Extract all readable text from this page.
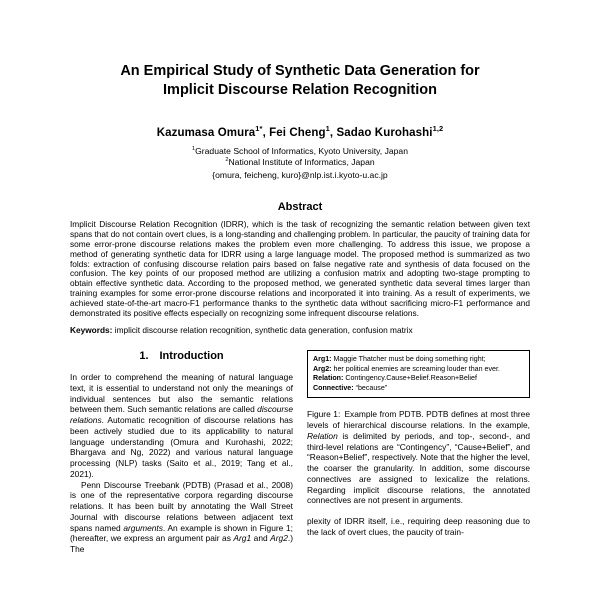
An Empirical Study of Synthetic Data Generation for
Implicit Discourse Relation Recognition
Kazumasa Omura$^{1*}$, Fei Cheng$^1$, Sadao Kurohashi$^{1,2}$
$^1$Graduate School of Informatics, Kyoto University, Japan
$^2$National Institute of Informatics, Japan
{omura, feicheng, kuro}@nlp.ist.i.kyoto-u.ac.jp
Abstract

Implicit Discourse Relation Recognition (IDRR), which is the task of recognizing the semantic relation between given text spans that do not contain overt clues, is a long-standing and challenging problem. In particular, the paucity of training data for some error-prone discourse relations makes the problem even more challenging. To address this issue, we propose a method of generating synthetic data for IDRR using a large language model. The proposed method is summarized as two folds: extraction of confusing discourse relation pairs based on false negative rate and synthesis of data focused on the confusion. The key points of our proposed method are utilizing a confusion matrix and adopting two-stage prompting to obtain effective synthetic data. According to the proposed method, we generated synthetic data several times larger than training examples for some error-prone discourse relations and incorporated it into training. As a result of experiments, we achieved state-of-the-art macro-F1 performance thanks to the synthetic data without sacrificing micro-F1 performance and demonstrated its positive effects especially on recognizing some infrequent discourse relations.

Keywords: implicit discourse relation recognition, synthetic data generation, confusion matrix

1. Introduction

In order to comprehend the meaning of natural language text, it is essential to understand not only the meanings of individual sentences but also the semantic relations between them. Such semantic relations are called discourse relations. Automatic recognition of discourse relations has been actively studied due to its applicability to natural language understanding (Omura and Kurohashi, 2022; Bhargava and Ng, 2022) and various natural language processing (NLP) tasks (Saito et al., 2019; Tang et al., 2021).

Penn Discourse Treebank (PDTB) (Prasad et al., 2008) is one of the representative corpora regarding discourse relations. It has been built by annotating the Wall Street Journal with discourse relations between adjacent text spans named arguments. An example is shown in Figure 1; (hereafter, we express an argument pair as Arg1 and Arg2.) The

Arg1: Maggie Thatcher must be doing something right;
Arg2: her political enemies are screaming louder than ever.
Relation: Contingency.Cause+Belief.Reason+Belief
Connective: “because”

Figure 1: Example from PDTB. PDTB defines at most three levels of hierarchical discourse relations. In the example, Relation is delimited by periods, and top-, second-, and third-level relations are “Contingency”, “Cause+Belief”, and “Reason+Belief”, respectively. Note that the higher the level, the coarser the granularity. In addition, some discourse connectives are assigned to lexicalize the relations. Regarding implicit discourse relations, the annotated connectives are not present in arguments.

plexity of IDRR itself, i.e., requiring deep reasoning due to the lack of overt clues, the paucity of train-
